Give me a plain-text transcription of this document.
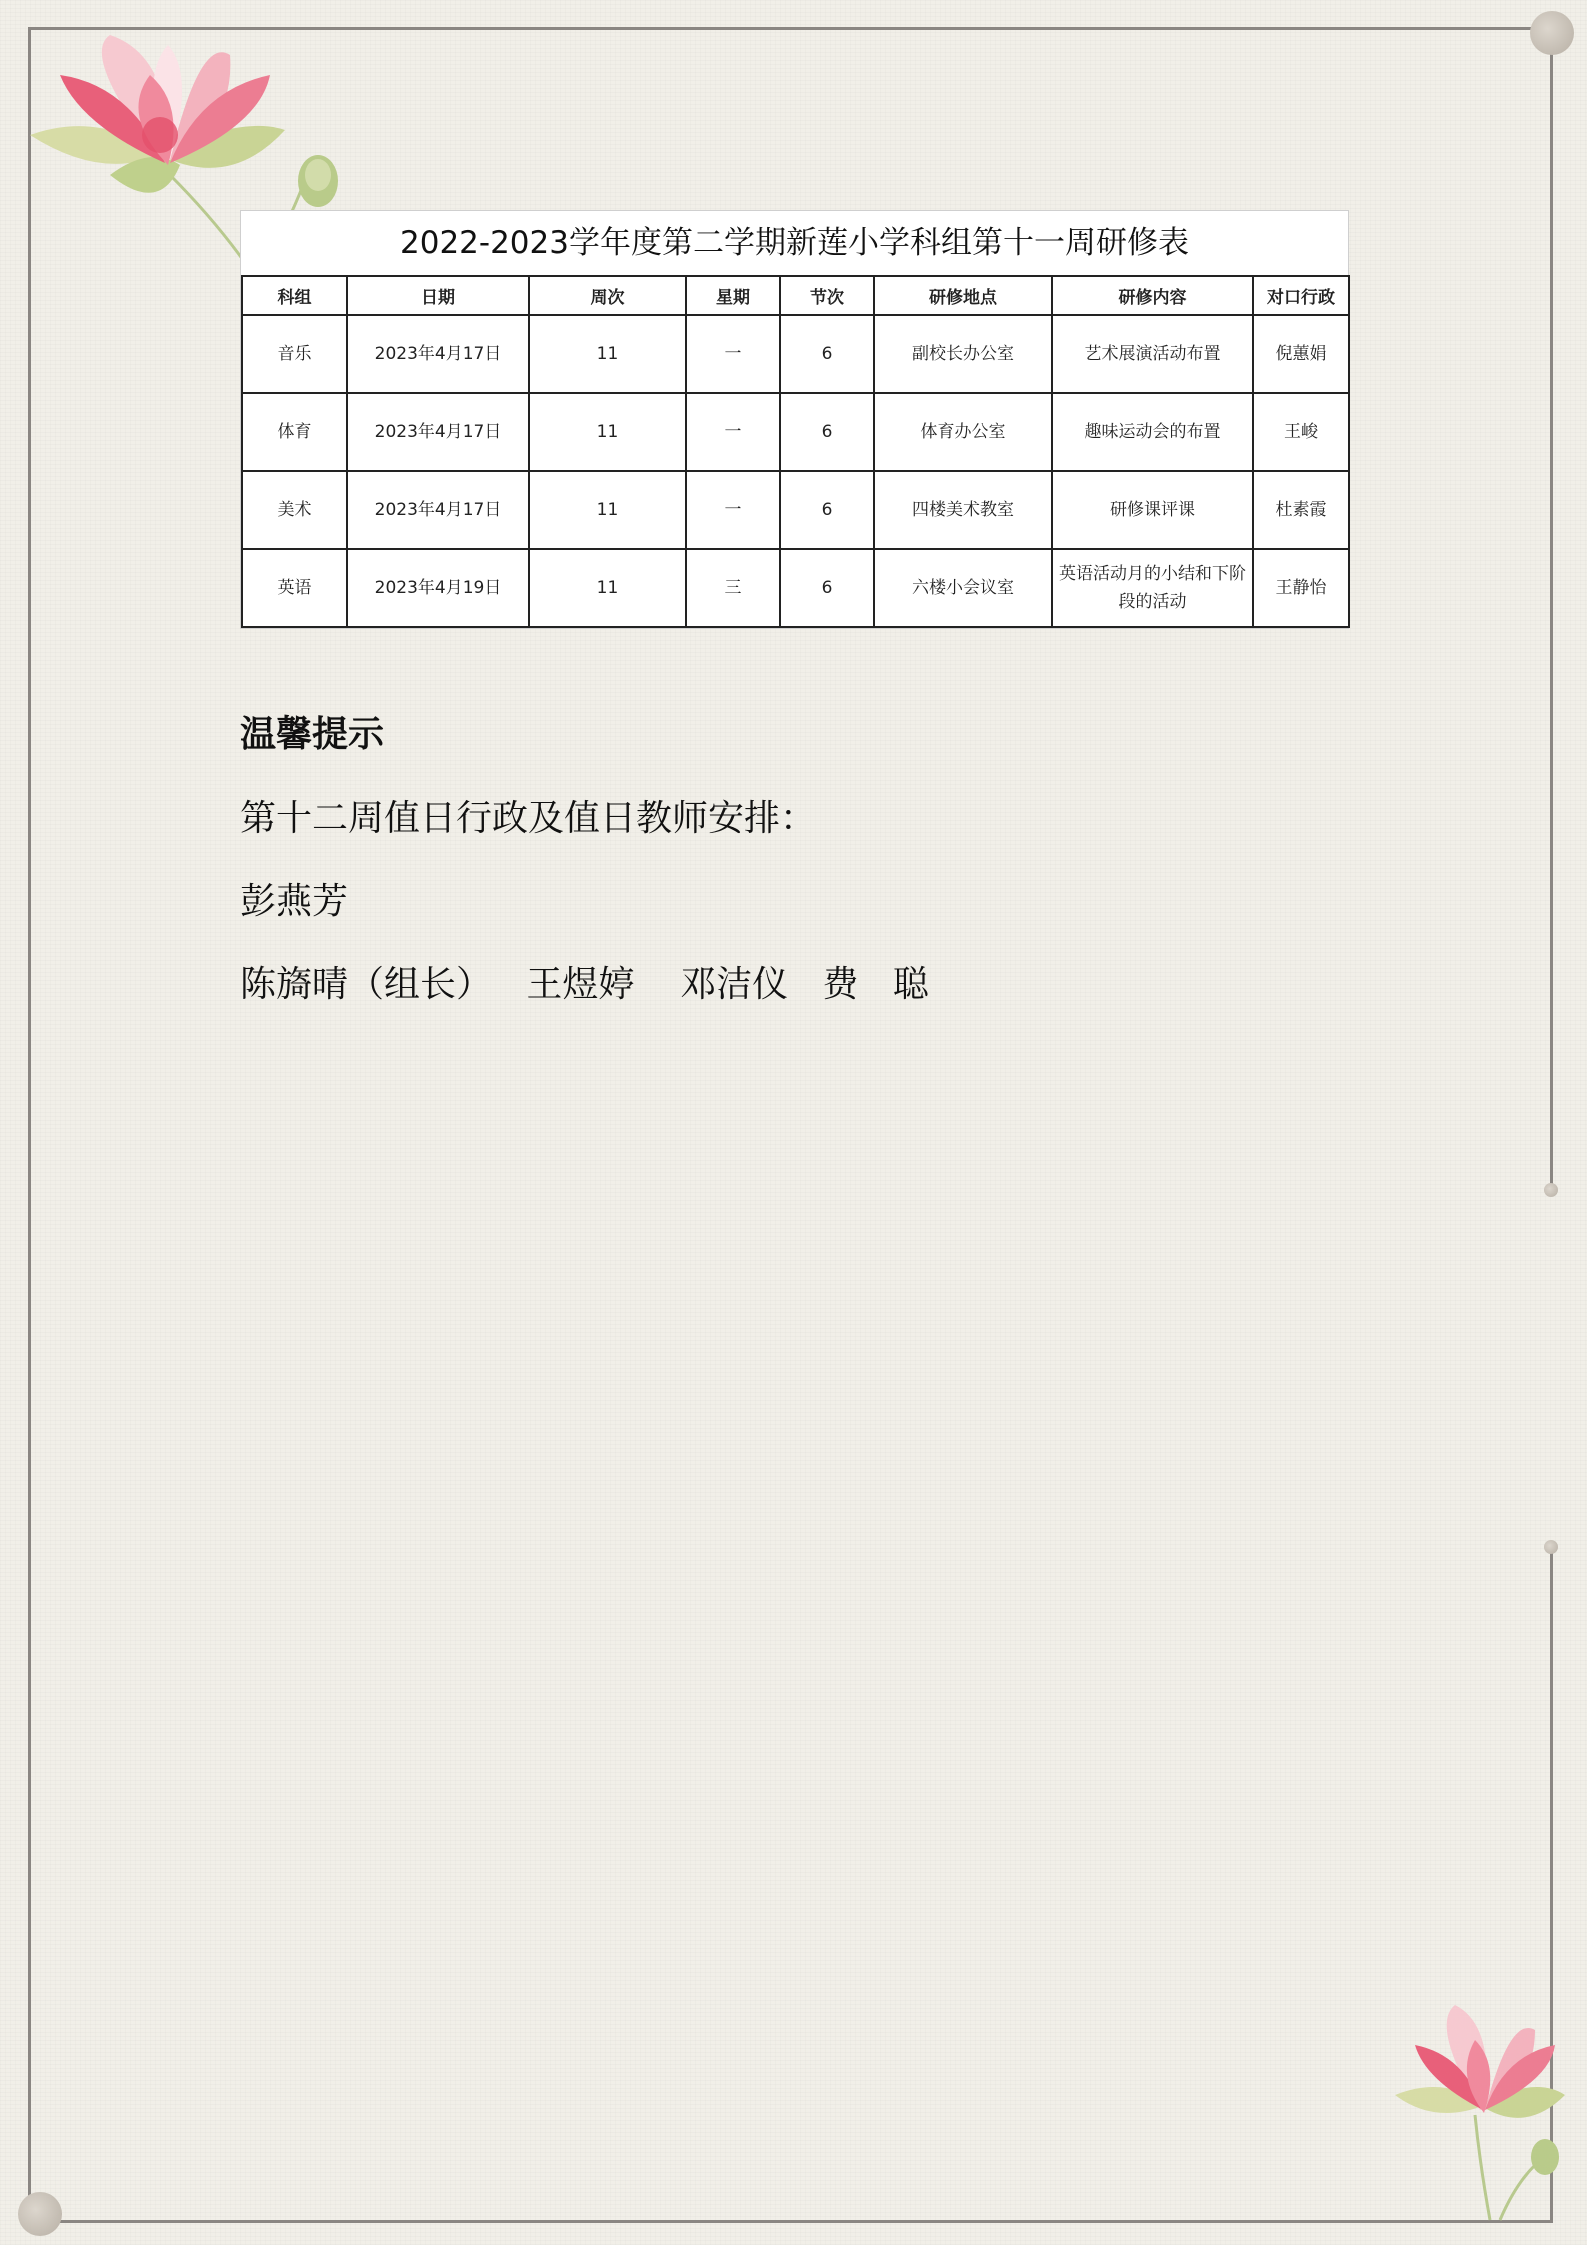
2022-2023学年度第二学期新莲小学科组第十一周研修表
科组	日期	周次	星期	节次	研修地点	研修内容	对口行政
音乐	2023年4月17日	11	一	6	副校长办公室	艺术展演活动布置	倪蕙娟
体育	2023年4月17日	11	一	6	体育办公室	趣味运动会的布置	王峻
美术	2023年4月17日	11	一	6	四楼美术教室	研修课评课	杜素霞
英语	2023年4月19日	11	三	6	六楼小会议室	英语活动月的小结和下阶段的活动	王静怡
温馨提示
第十二周值日行政及值日教师安排：
彭燕芳
陈旖晴（组长）   王煜婷    邓洁仪   费   聪
